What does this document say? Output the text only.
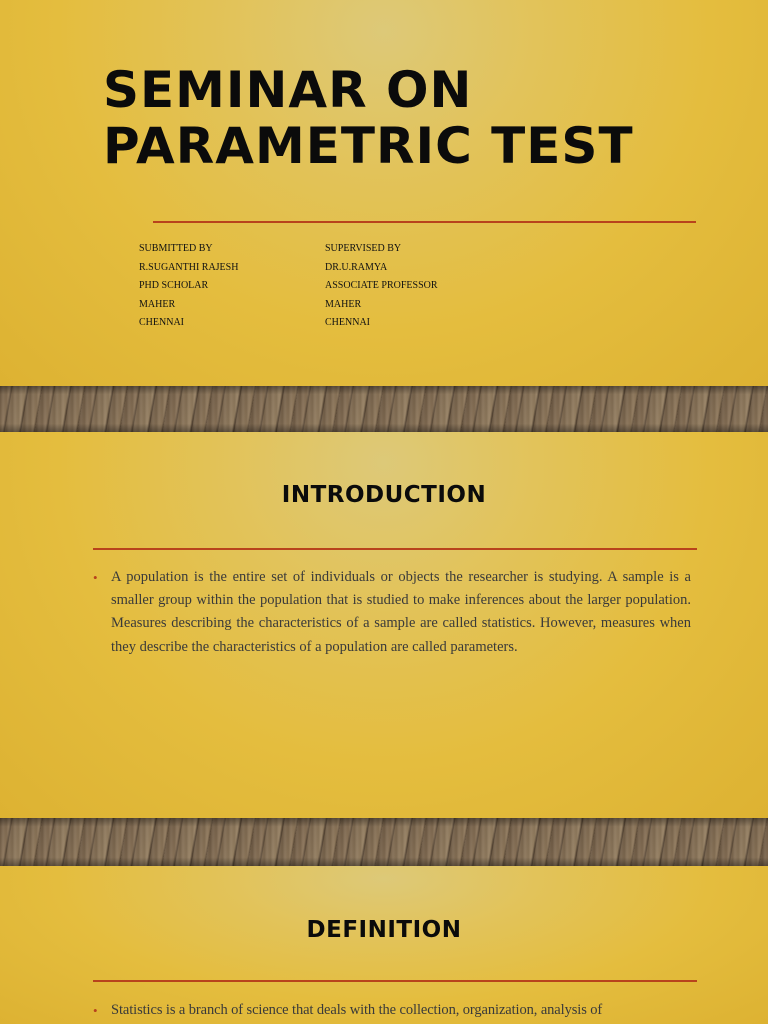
SEMINAR ON
PARAMETRIC TEST
SUBMITTED BY
R.SUGANTHI RAJESH
PHD SCHOLAR
MAHER
CHENNAI
SUPERVISED BY
DR.U.RAMYA
ASSOCIATE PROFESSOR
MAHER
CHENNAI
INTRODUCTION
• A population is the entire set of individuals or objects the researcher is studying. A sample is a smaller group within the population that is studied to make inferences about the larger population. Measures describing the characteristics of a sample are called statistics. However, measures when they describe the characteristics of a population are called parameters.
DEFINITION
• Statistics is a branch of science that deals with the collection, organization, analysis of
